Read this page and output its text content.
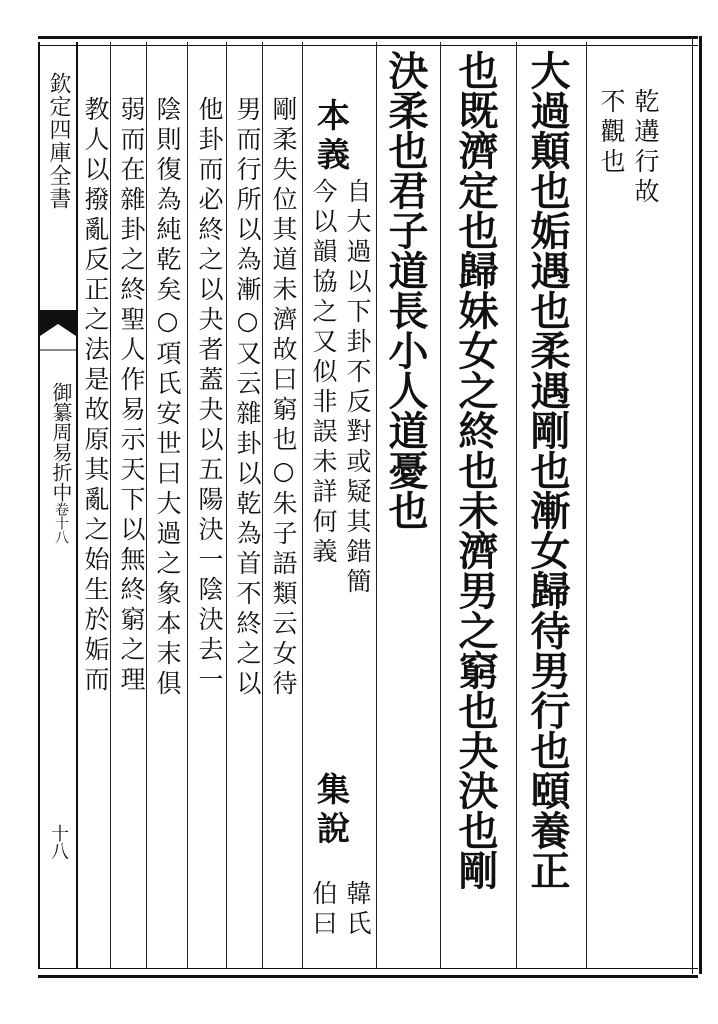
欽定四庫全書
御纂周易折中卷十八
十八
乾遘行故
不觀也
大過顛也姤遇也柔遇剛也漸女歸待男行也頤養正
也既濟定也歸妹女之終也未濟男之窮也夬決也剛
決柔也君子道長小人道憂也
本義
自大過以下卦不反對或疑其錯簡
今以韻協之又似非誤未詳何義
集說
韓氏
伯曰
剛柔失位其道未濟故曰窮也○朱子語類云女待
男而行所以為漸○又云雜卦以乾為首不終之以
他卦而必終之以夬者蓋夬以五陽決一陰決去一
陰則復為純乾矣○項氏安世曰大過之象本末俱
弱而在雜卦之終聖人作易示天下以無終窮之理
教人以撥亂反正之法是故原其亂之始生於姤而
